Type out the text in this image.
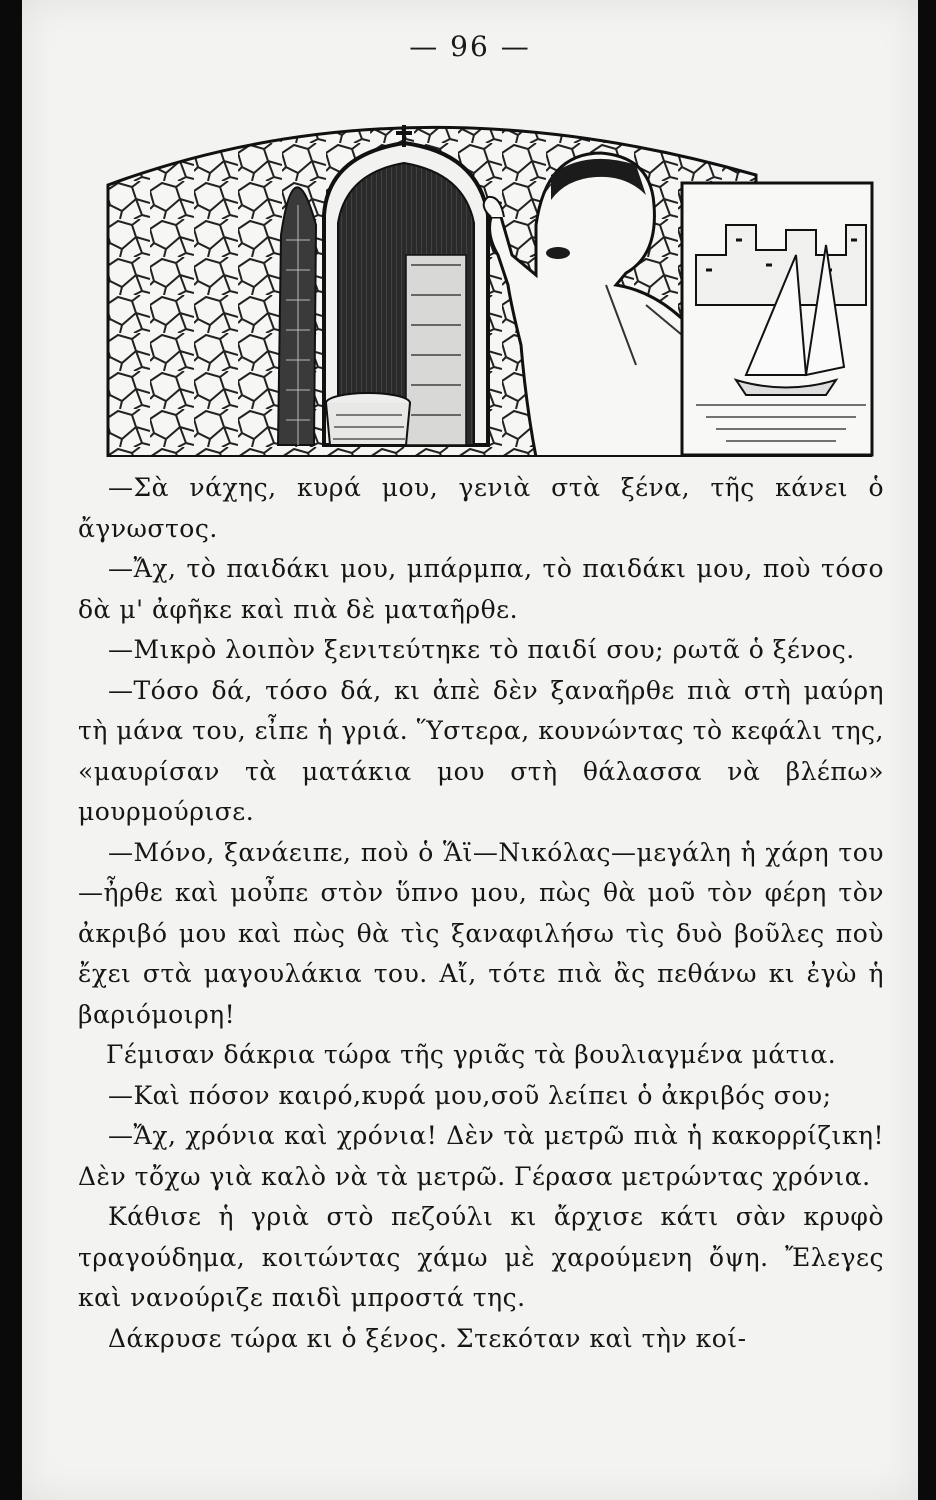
— 96 —

—Σὰ νάχης, κυρά μου, γενιὰ στὰ ξένα, τῆς κάνει ὁ ἄγνωστος.

—Ἄχ, τὸ παιδάκι μου, μπάρμπα, τὸ παιδάκι μου, ποὺ τόσο δὰ μ' ἀφῆκε καὶ πιὰ δὲ ματαῆρθε.

—Μικρὸ λοιπὸν ξενιτεύτηκε τὸ παιδί σου; ρωτᾶ ὁ ξένος.

—Τόσο δά, τόσο δά, κι ἀπὲ δὲν ξαναῆρθε πιὰ στὴ μαύρη τὴ μάνα του, εἶπε ἡ γριά. Ὕστερα, κουνώντας τὸ κεφάλι της, «μαυρίσαν τὰ ματάκια μου στὴ θάλασσα νὰ βλέπω» μουρμούρισε.

—Μόνο, ξανάειπε, ποὺ ὁ Ἅϊ—Νικόλας—μεγάλη ἡ χάρη του—ἦρθε καὶ μοὖπε στὸν ὕπνο μου, πὼς θὰ μοῦ τὸν φέρη τὸν ἀκριβό μου καὶ πὼς θὰ τὶς ξαναφιλήσω τὶς δυὸ βοῦλες ποὺ ἔχει στὰ μαγουλάκια του. Αἴ, τότε πιὰ ἂς πεθάνω κι ἐγὼ ἡ βαριόμοιρη!

Γέμισαν δάκρια τώρα τῆς γριᾶς τὰ βουλιαγμένα μάτια.

—Καὶ πόσον καιρό,κυρά μου,σοῦ λείπει ὁ ἀκριβός σου;

—Ἄχ, χρόνια καὶ χρόνια! Δὲν τὰ μετρῶ πιὰ ἡ κακορρίζικη! Δὲν τὄχω γιὰ καλὸ νὰ τὰ μετρῶ. Γέρασα μετρώντας χρόνια.

Κάθισε ἡ γριὰ στὸ πεζούλι κι ἄρχισε κάτι σὰν κρυφὸ τραγούδημα, κοιτώντας χάμω μὲ χαρούμενη ὄψη. Ἔλεγες καὶ νανούριζε παιδὶ μπροστά της.

Δάκρυσε τώρα κι ὁ ξένος. Στεκόταν καὶ τὴν κοί-
